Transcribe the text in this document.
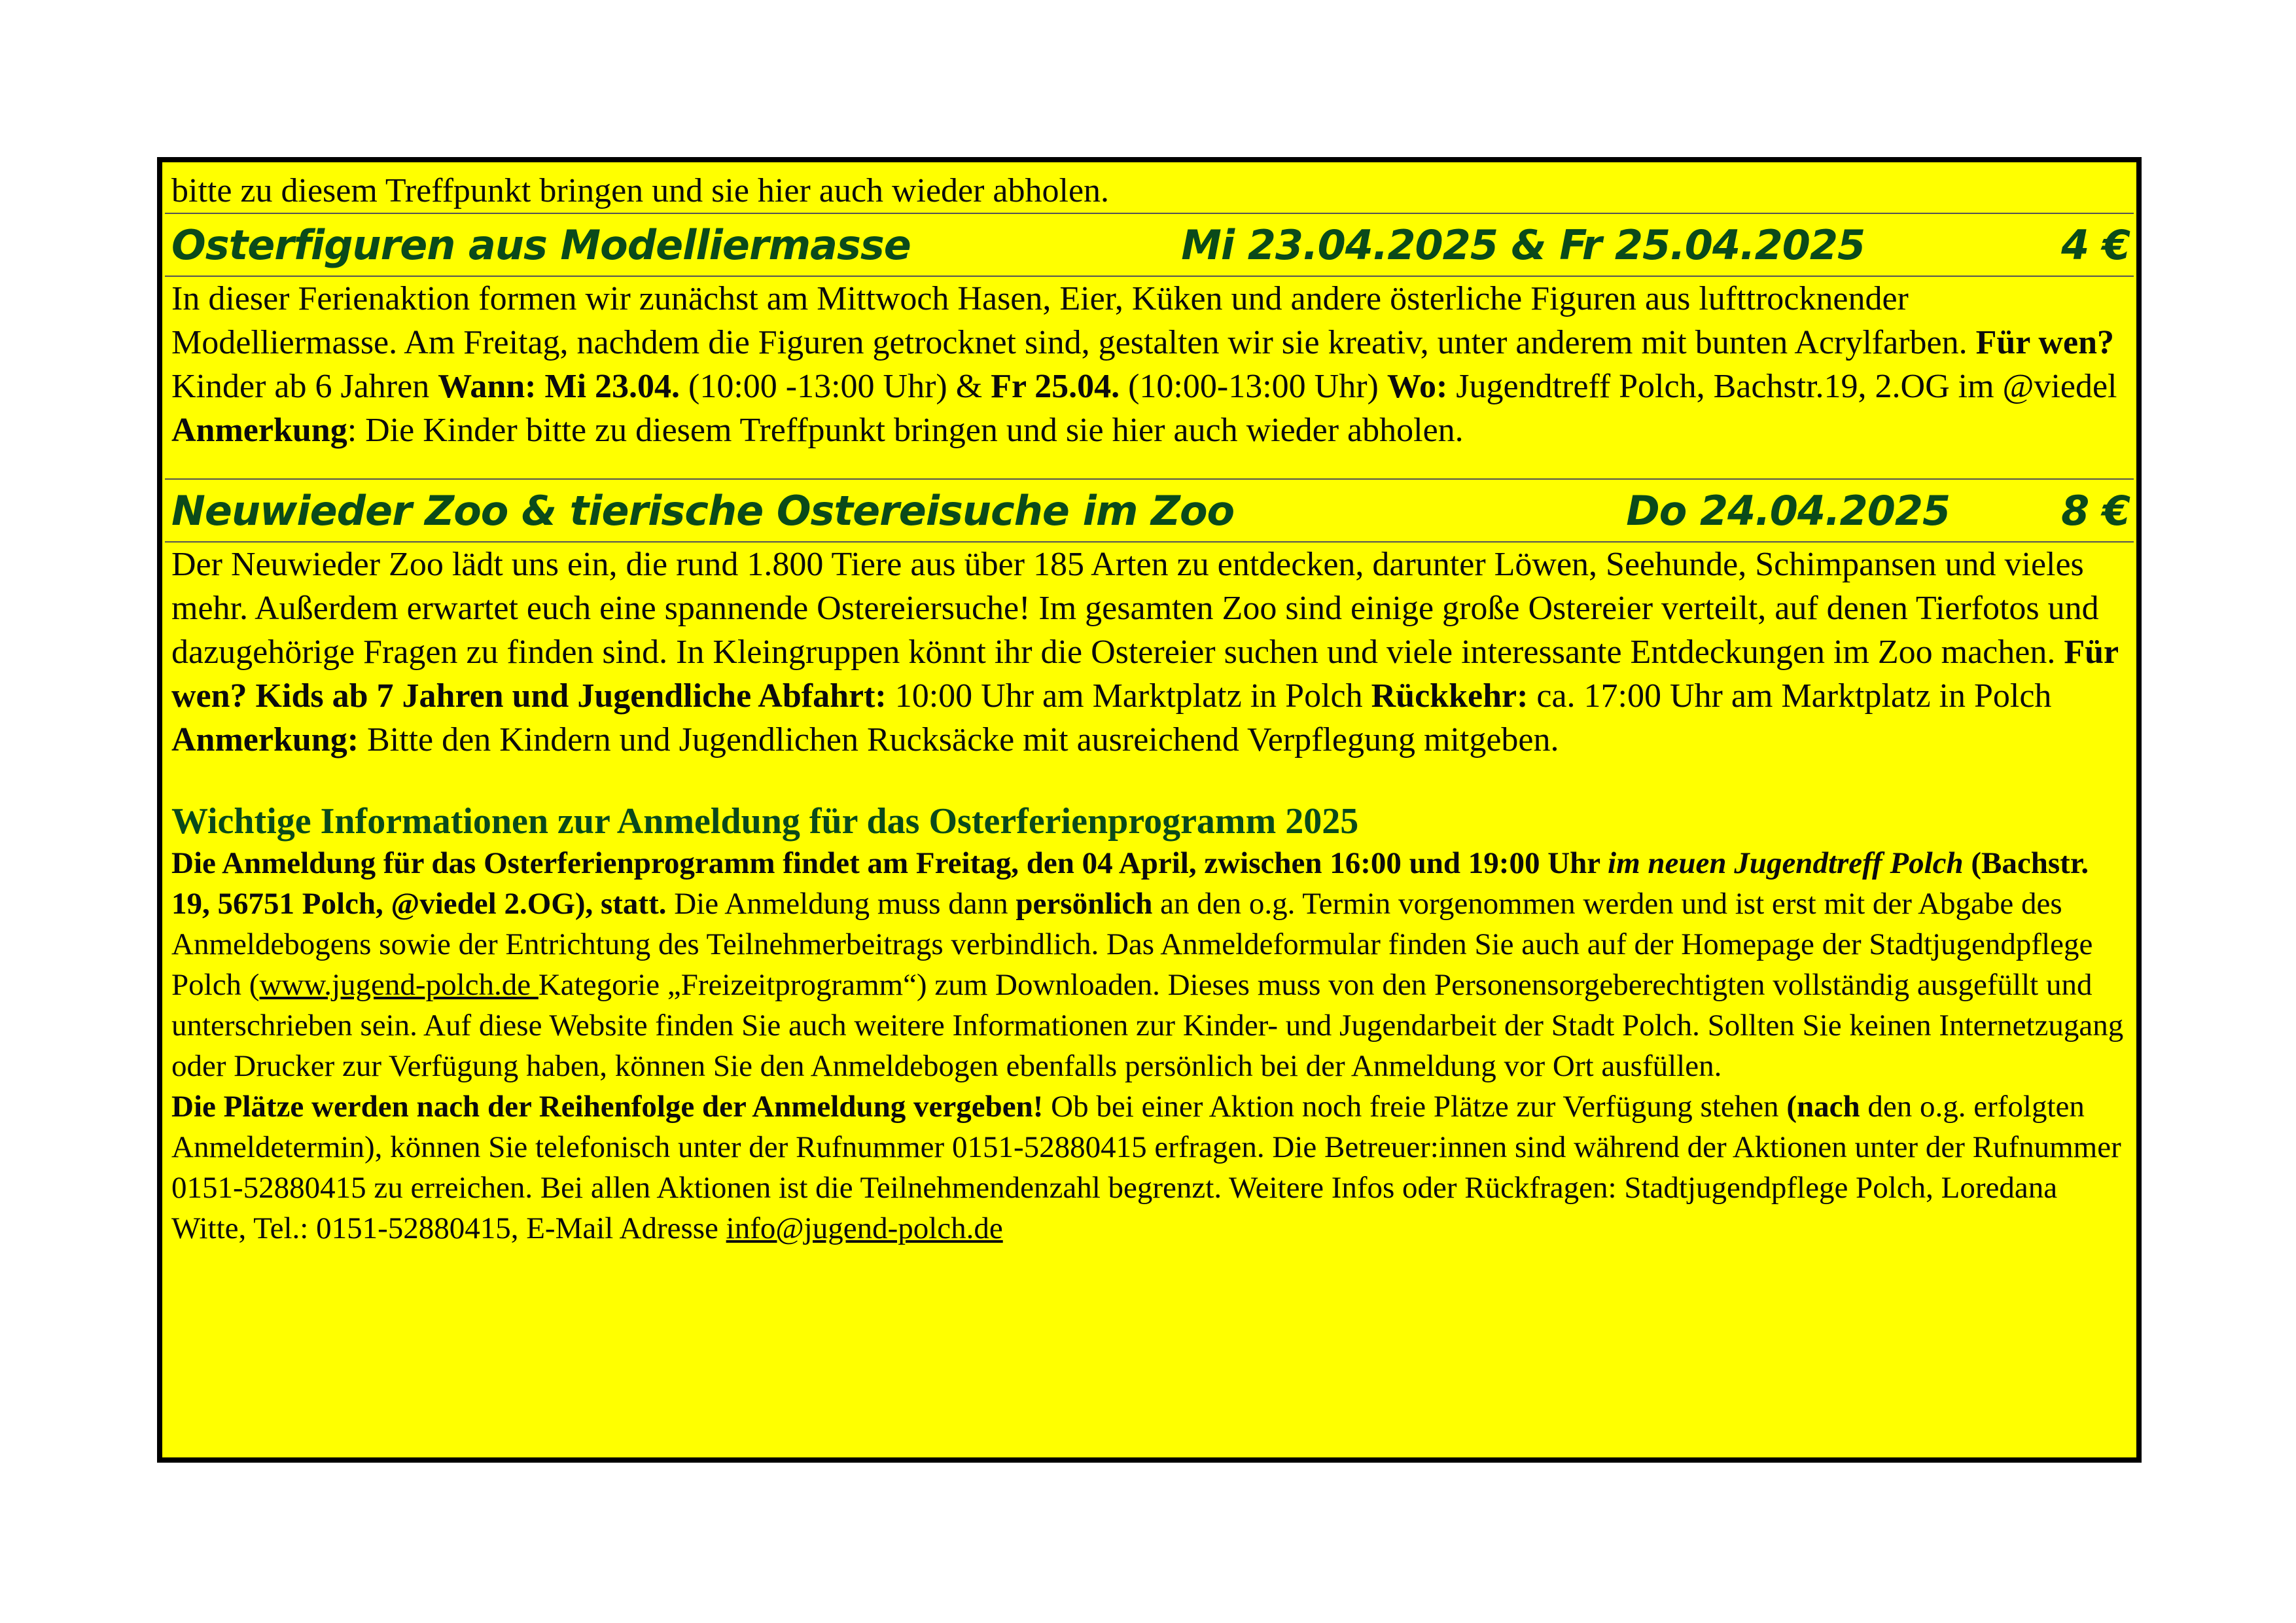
bitte zu diesem Treffpunkt bringen und sie hier auch wieder abholen.

Osterfiguren aus Modelliermasse	Mi 23.04.2025 & Fr 25.04.2025	4 €

In dieser Ferienaktion formen wir zunächst am Mittwoch Hasen, Eier, Küken und andere österliche Figuren aus lufttrocknender Modelliermasse. Am Freitag, nachdem die Figuren getrocknet sind, gestalten wir sie kreativ, unter anderem mit bunten Acrylfarben. Für wen? Kinder ab 6 Jahren Wann: Mi 23.04. (10:00 -13:00 Uhr) & Fr 25.04. (10:00-13:00 Uhr) Wo: Jugendtreff Polch, Bachstr.19, 2.OG im @viedel
Anmerkung: Die Kinder bitte zu diesem Treffpunkt bringen und sie hier auch wieder abholen.

Neuwieder Zoo & tierische Ostereisuche im Zoo	Do 24.04.2025	8 €

Der Neuwieder Zoo lädt uns ein, die rund 1.800 Tiere aus über 185 Arten zu entdecken, darunter Löwen, Seehunde, Schimpansen und vieles mehr. Außerdem erwartet euch eine spannende Ostereiersuche! Im gesamten Zoo sind einige große Ostereier verteilt, auf denen Tierfotos und dazugehörige Fragen zu finden sind. In Kleingruppen könnt ihr die Ostereier suchen und viele interessante Entdeckungen im Zoo machen. Für wen? Kids ab 7 Jahren und Jugendliche Abfahrt: 10:00 Uhr am Marktplatz in Polch Rückkehr: ca. 17:00 Uhr am Marktplatz in Polch Anmerkung: Bitte den Kindern und Jugendlichen Rucksäcke mit ausreichend Verpflegung mitgeben.

Wichtige Informationen zur Anmeldung für das Osterferienprogramm 2025

Die Anmeldung für das Osterferienprogramm findet am Freitag, den 04 April, zwischen 16:00 und 19:00 Uhr im neuen Jugendtreff Polch (Bachstr. 19, 56751 Polch, @viedel 2.OG), statt. Die Anmeldung muss dann persönlich an den o.g. Termin vorgenommen werden und ist erst mit der Abgabe des Anmeldebogens sowie der Entrichtung des Teilnehmerbeitrags verbindlich. Das Anmeldeformular finden Sie auch auf der Homepage der Stadtjugendpflege Polch (www.jugend-polch.de Kategorie „Freizeitprogramm“) zum Downloaden. Dieses muss von den Personensorgeberechtigten vollständig ausgefüllt und unterschrieben sein. Auf diese Website finden Sie auch weitere Informationen zur Kinder- und Jugendarbeit der Stadt Polch. Sollten Sie keinen Internetzugang oder Drucker zur Verfügung haben, können Sie den Anmeldebogen ebenfalls persönlich bei der Anmeldung vor Ort ausfüllen.
Die Plätze werden nach der Reihenfolge der Anmeldung vergeben! Ob bei einer Aktion noch freie Plätze zur Verfügung stehen (nach den o.g. erfolgten Anmeldetermin), können Sie telefonisch unter der Rufnummer 0151-52880415 erfragen. Die Betreuer:innen sind während der Aktionen unter der Rufnummer 0151-52880415 zu erreichen. Bei allen Aktionen ist die Teilnehmendenzahl begrenzt. Weitere Infos oder Rückfragen: Stadtjugendpflege Polch, Loredana Witte, Tel.: 0151-52880415, E-Mail Adresse info@jugend-polch.de
